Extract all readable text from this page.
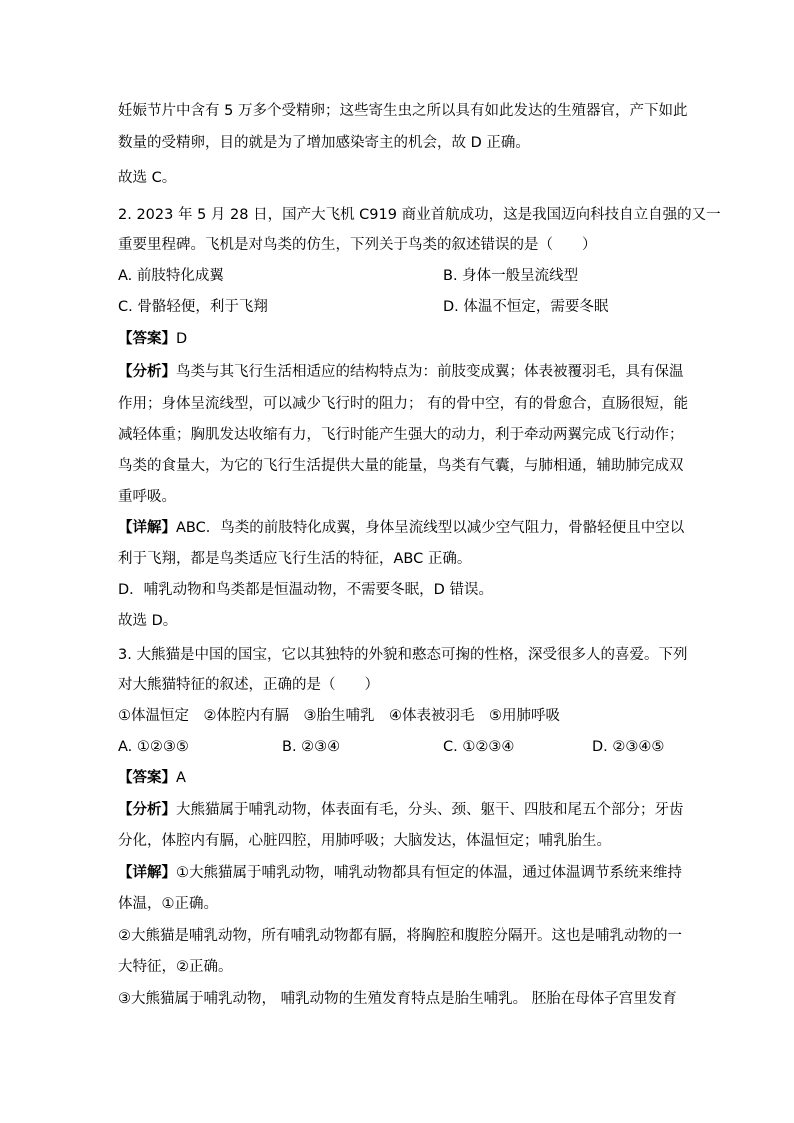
妊娠节片中含有 5 万多个受精卵；这些寄生虫之所以具有如此发达的生殖器官，产下如此
数量的受精卵，目的就是为了增加感染寄主的机会，故 D 正确。
故选 C。
2. 2023 年 5 月 28 日，国产大飞机 C919 商业首航成功，这是我国迈向科技自立自强的又一
重要里程碑。飞机是对鸟类的仿生，下列关于鸟类的叙述错误的是（　　）
A. 前肢特化成翼	B. 身体一般呈流线型
C. 骨骼轻便，利于飞翔	D. 体温不恒定，需要冬眠
【答案】D
【分析】鸟类与其飞行生活相适应的结构特点为：前肢变成翼；体表被覆羽毛，具有保温
作用；身体呈流线型，可以减少飞行时的阻力； 有的骨中空，有的骨愈合，直肠很短，能
减轻体重；胸肌发达收缩有力，飞行时能产生强大的动力，利于牵动两翼完成飞行动作；
鸟类的食量大，为它的飞行生活提供大量的能量，鸟类有气囊，与肺相通，辅助肺完成双
重呼吸。
【详解】ABC．鸟类的前肢特化成翼，身体呈流线型以减少空气阻力，骨骼轻便且中空以
利于飞翔，都是鸟类适应飞行生活的特征，ABC 正确。
D．哺乳动物和鸟类都是恒温动物，不需要冬眠，D 错误。
故选 D。
3. 大熊猫是中国的国宝，它以其独特的外貌和憨态可掬的性格，深受很多人的喜爱。下列
对大熊猫特征的叙述，正确的是（　　）
①体温恒定　②体腔内有膈　③胎生哺乳　④体表被羽毛　⑤用肺呼吸
A. ①②③⑤	B. ②③④	C. ①②③④	D. ②③④⑤
【答案】A
【分析】大熊猫属于哺乳动物，体表面有毛，分头、颈、躯干、四肢和尾五个部分；牙齿
分化，体腔内有膈，心脏四腔，用肺呼吸；大脑发达，体温恒定；哺乳胎生。
【详解】①大熊猫属于哺乳动物，哺乳动物都具有恒定的体温，通过体温调节系统来维持
体温，①正确。
②大熊猫是哺乳动物，所有哺乳动物都有膈，将胸腔和腹腔分隔开。这也是哺乳动物的一
大特征，②正确。
③大熊猫属于哺乳动物， 哺乳动物的生殖发育特点是胎生哺乳。 胚胎在母体子宫里发育
